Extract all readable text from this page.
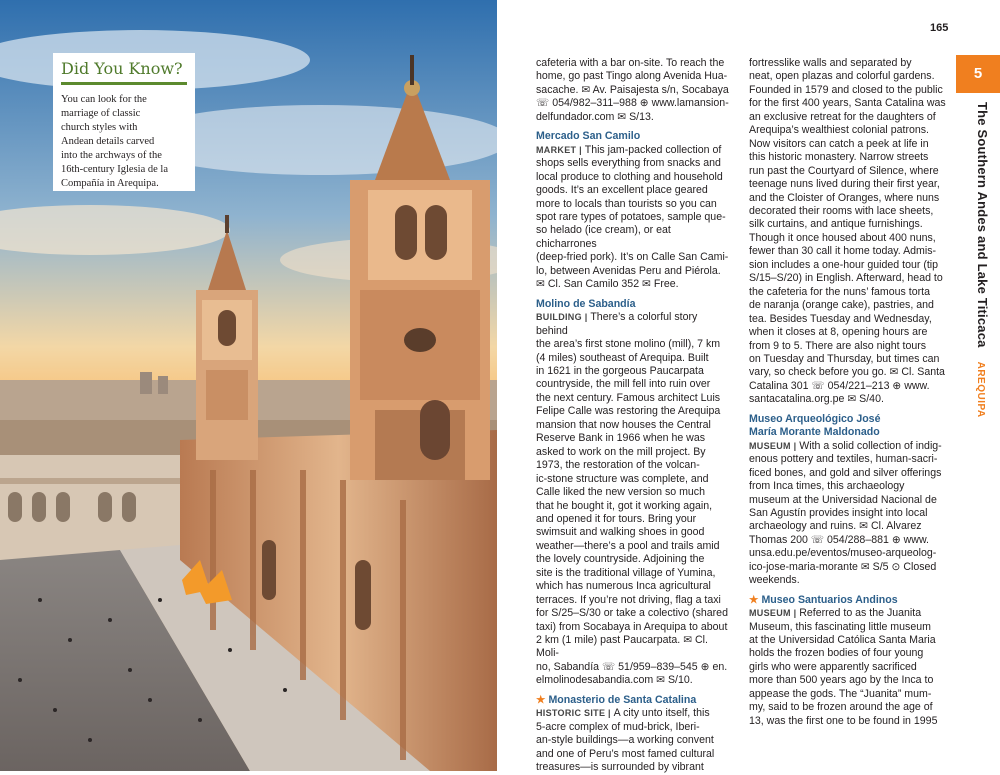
Did You Know?
You can look for the
marriage of classic
church styles with
Andean details carved
into the archways of the
16th-century Iglesia de la
Compañía in Arequipa.
165
5
The Southern Andes and Lake TiticacaAREQUIPA
cafeteria with a bar on-site. To reach the
home, go past Tingo along Avenida Hua-
sacache. ✉ Av. Paisajesta s/n, Socabaya
☏ 054/982–311–988 ⊕ www.lamansion-
delfundador.com ✉ S/13.
Mercado San Camilo
MARKET | This jam-packed collection of
shops sells everything from snacks and
local produce to clothing and household
goods. It’s an excellent place geared
more to locals than tourists so you can
spot rare types of potatoes, sample que-
so helado (ice cream), or eat chicharrones
(deep-fried pork). It’s on Calle San Cami-
lo, between Avenidas Peru and Piérola.
✉ Cl. San Camilo 352 ✉ Free.
Molino de Sabandía
BUILDING | There’s a colorful story behind
the area’s first stone molino (mill), 7 km
(4 miles) southeast of Arequipa. Built
in 1621 in the gorgeous Paucarpata
countryside, the mill fell into ruin over
the next century. Famous architect Luis
Felipe Calle was restoring the Arequipa
mansion that now houses the Central
Reserve Bank in 1966 when he was
asked to work on the mill project. By
1973, the restoration of the volcan-
ic-stone structure was complete, and
Calle liked the new version so much
that he bought it, got it working again,
and opened it for tours. Bring your
swimsuit and walking shoes in good
weather—there’s a pool and trails amid
the lovely countryside. Adjoining the
site is the traditional village of Yumina,
which has numerous Inca agricultural
terraces. If you’re not driving, flag a taxi
for S/25–S/30 or take a colectivo (shared
taxi) from Socabaya in Arequipa to about
2 km (1 mile) past Paucarpata. ✉ Cl. Moli-
no, Sabandía ☏ 51/959–839–545 ⊕ en.
elmolinodesabandia.com ✉ S/10.
★ Monasterio de Santa Catalina
HISTORIC SITE | A city unto itself, this
5-acre complex of mud-brick, Iberi-
an-style buildings—a working convent
and one of Peru’s most famed cultural
treasures—is surrounded by vibrant
fortresslike walls and separated by
neat, open plazas and colorful gardens.
Founded in 1579 and closed to the public
for the first 400 years, Santa Catalina was
an exclusive retreat for the daughters of
Arequipa’s wealthiest colonial patrons.
Now visitors can catch a peek at life in
this historic monastery. Narrow streets
run past the Courtyard of Silence, where
teenage nuns lived during their first year,
and the Cloister of Oranges, where nuns
decorated their rooms with lace sheets,
silk curtains, and antique furnishings.
Though it once housed about 400 nuns,
fewer than 30 call it home today. Admis-
sion includes a one-hour guided tour (tip
S/15–S/20) in English. Afterward, head to
the cafeteria for the nuns’ famous torta
de naranja (orange cake), pastries, and
tea. Besides Tuesday and Wednesday,
when it closes at 8, opening hours are
from 9 to 5. There are also night tours
on Tuesday and Thursday, but times can
vary, so check before you go. ✉ Cl. Santa
Catalina 301 ☏ 054/221–213 ⊕ www.
santacatalina.org.pe ✉ S/40.
Museo Arqueológico José
María Morante Maldonado
MUSEUM | With a solid collection of indig-
enous pottery and textiles, human-sacri-
ficed bones, and gold and silver offerings
from Inca times, this archaeology
museum at the Universidad Nacional de
San Agustín provides insight into local
archaeology and ruins. ✉ Cl. Alvarez
Thomas 200 ☏ 054/288–881 ⊕ www.
unsa.edu.pe/eventos/museo-arqueolog-
ico-jose-maria-morante ✉ S/5 ⊙ Closed
weekends.
★ Museo Santuarios Andinos
MUSEUM | Referred to as the Juanita
Museum, this fascinating little museum
at the Universidad Católica Santa Maria
holds the frozen bodies of four young
girls who were apparently sacrificed
more than 500 years ago by the Inca to
appease the gods. The “Juanita” mum-
my, said to be frozen around the age of
13, was the first one to be found in 1995
